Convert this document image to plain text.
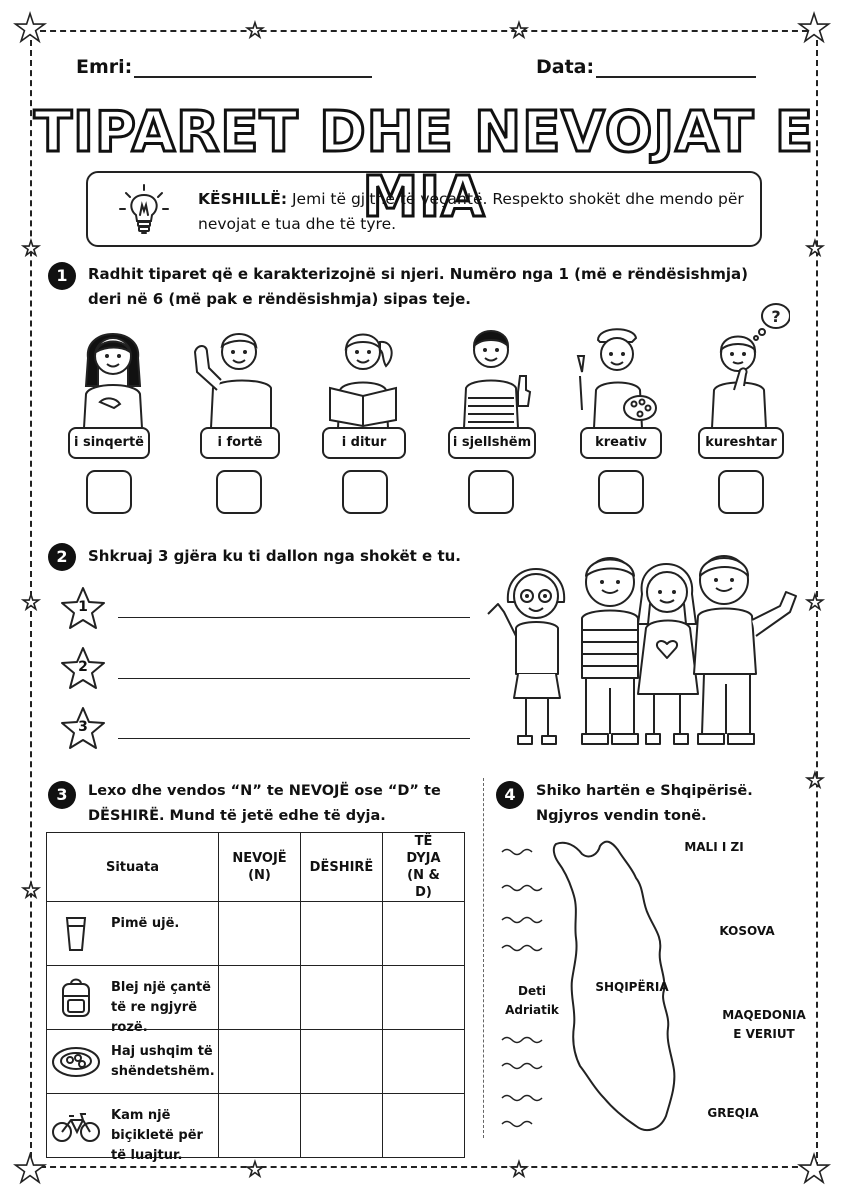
★	★
★	★
★	★
★	★
★
★
★
★
★
★
Emri:	Data:
TIPARET DHE NEVOJAT E MIA
KËSHILLË: Jemi të gjithë të veçantë. Respekto shokët dhe mendo për nevojat e tua dhe të tyre.
1	Radhit tiparet që e karakterizojnë si njeri. Numëro nga 1 (më e rëndësishmja) deri në 6 (më pak e rëndësishmja) sipas teje.
?
i sinqertë	i fortë	i ditur	i sjellshëm	kreativ	kureshtar
2	Shkruaj 3 gjëra ku ti dallon nga shokët e tu.
1
2
3
3	Lexo dhe vendos “N” te NEVOJË ose “D” te DËSHIRË. Mund të jetë edhe të dyja.
Situata	NEVOJË (N)	DËSHIRË	TË DYJA (N & D)

Pimë ujë.			

Blej një çantë të re ngjyrë rozë.			

Haj ushqim të shëndetshëm.			

Kam një biçikletë për të luajtur.			

4	Shiko hartën e Shqipërisë. Ngjyros vendin tonë.
MALI I ZI
KOSOVA
SHQIPËRIA
Deti Adriatik	MAQEDONIA E VERIUT
GREQIA
